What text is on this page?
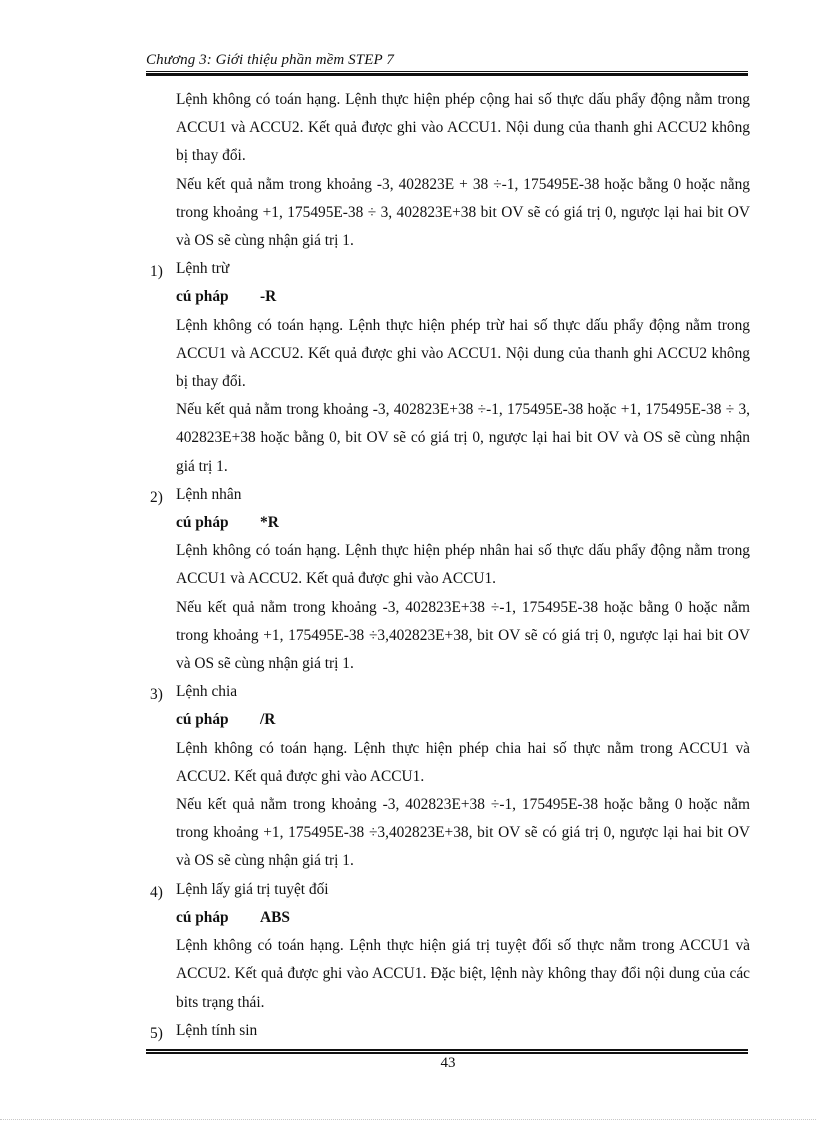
Chương 3: Giới thiệu phần mềm STEP 7

Lệnh không có toán hạng. Lệnh thực hiện phép cộng hai số thực dấu phẩy động nằm trong ACCU1 và ACCU2. Kết quả được ghi vào ACCU1. Nội dung của thanh ghi ACCU2 không bị thay đổi.

Nếu kết quả nằm trong khoảng -3, 402823E + 38 ÷-1, 175495E-38 hoặc bằng 0 hoặc nằng trong khoảng +1, 175495E-38 ÷ 3, 402823E+38 bit OV sẽ có giá trị 0, ngược lại hai bit OV và OS sẽ cùng nhận giá trị 1.

1) Lệnh trừ

cú pháp -R

Lệnh không có toán hạng. Lệnh thực hiện phép trừ hai số thực dấu phẩy động nằm trong ACCU1 và ACCU2. Kết quả được ghi vào ACCU1. Nội dung của thanh ghi ACCU2 không bị thay đổi.

Nếu kết quả nằm trong khoảng -3, 402823E+38 ÷-1, 175495E-38 hoặc +1, 175495E-38 ÷ 3, 402823E+38 hoặc bằng 0, bit OV sẽ có giá trị 0, ngược lại hai bit OV và OS sẽ cùng nhận giá trị 1.

2) Lệnh nhân

cú pháp *R

Lệnh không có toán hạng. Lệnh thực hiện phép nhân hai số thực dấu phẩy động nằm trong ACCU1 và ACCU2. Kết quả được ghi vào ACCU1.

Nếu kết quả nằm trong khoảng -3, 402823E+38 ÷-1, 175495E-38 hoặc bằng 0 hoặc nằm trong khoảng +1, 175495E-38 ÷3,402823E+38, bit OV sẽ có giá trị 0, ngược lại hai bit OV và OS sẽ cùng nhận giá trị 1.

3) Lệnh chia

cú pháp /R

Lệnh không có toán hạng. Lệnh thực hiện phép chia hai số thực nằm trong ACCU1 và ACCU2. Kết quả được ghi vào ACCU1.

Nếu kết quả nằm trong khoảng -3, 402823E+38 ÷-1, 175495E-38 hoặc bằng 0 hoặc nằm trong khoảng +1, 175495E-38 ÷3,402823E+38, bit OV sẽ có giá trị 0, ngược lại hai bit OV và OS sẽ cùng nhận giá trị 1.

4) Lệnh lấy giá trị tuyệt đối

cú pháp ABS

Lệnh không có toán hạng. Lệnh thực hiện giá trị tuyệt đối số thực nằm trong ACCU1 và ACCU2. Kết quả được ghi vào ACCU1. Đặc biệt, lệnh này không thay đổi nội dung của các bits trạng thái.

5) Lệnh tính sin

43
